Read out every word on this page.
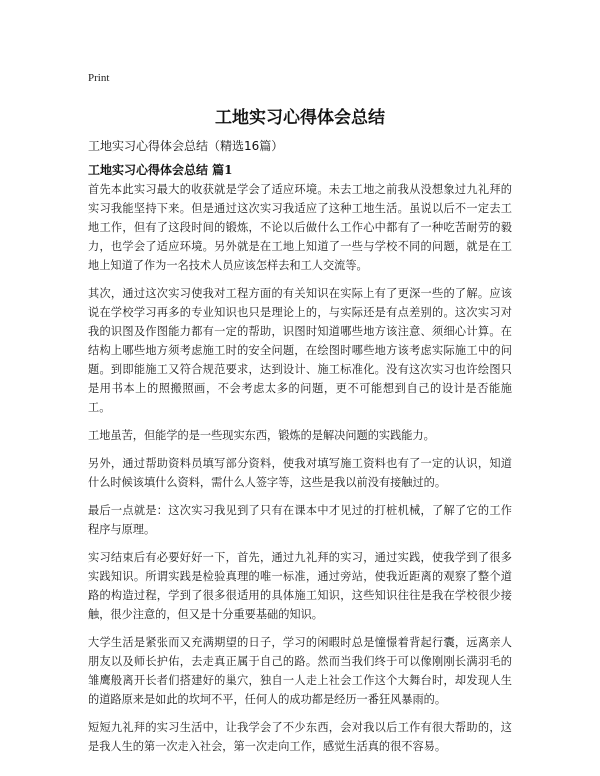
Print
工地实习心得体会总结
工地实习心得体会总结（精选16篇）
工地实习心得体会总结 篇1

首先本此实习最大的收获就是学会了适应环境。未去工地之前我从没想象过九礼拜的实习我能坚持下来。但是通过这次实习我适应了这种工地生活。虽说以后不一定去工地工作，但有了这段时间的锻炼，不论以后做什么工作心中都有了一种吃苦耐劳的毅力，也学会了适应环境。另外就是在工地上知道了一些与学校不同的问题，就是在工地上知道了作为一名技术人员应该怎样去和工人交流等。

其次，通过这次实习使我对工程方面的有关知识在实际上有了更深一些的了解。应该说在学校学习再多的专业知识也只是理论上的，与实际还是有点差别的。这次实习对我的识图及作图能力都有一定的帮助，识图时知道哪些地方该注意、须细心计算。在结构上哪些地方须考虑施工时的安全问题，在绘图时哪些地方该考虑实际施工中的问题。到即能施工又符合规范要求，达到设计、施工标准化。没有这次实习也许绘图只是用书本上的照搬照画，不会考虑太多的问题，更不可能想到自己的设计是否能施工。

工地虽苦，但能学的是一些现实东西，锻炼的是解决问题的实践能力。

另外，通过帮助资料员填写部分资料，使我对填写施工资料也有了一定的认识，知道什么时候该填什么资料，需什么人签字等，这些是我以前没有接触过的。

最后一点就是：这次实习我见到了只有在课本中才见过的打桩机械，了解了它的工作程序与原理。

实习结束后有必要好好一下，首先，通过九礼拜的实习，通过实践，使我学到了很多实践知识。所谓实践是检验真理的唯一标准，通过旁站，使我近距离的观察了整个道路的构造过程，学到了很多很适用的具体施工知识，这些知识往往是我在学校很少接触，很少注意的，但又是十分重要基础的知识。

大学生活是紧张而又充满期望的日子，学习的闲暇时总是憧憬着背起行囊，远离亲人朋友以及师长护佑，去走真正属于自己的路。然而当我们终于可以像刚刚长满羽毛的雏鹰般离开长者们搭建好的巢穴，独自一人走上社会工作这个大舞台时，却发现人生的道路原来是如此的坎坷不平，任何人的成功都是经历一番狂风暴雨的。

短短九礼拜的实习生活中，让我学会了不少东西，会对我以后工作有很大帮助的，这是我人生的第一次走入社会，第一次走向工作，感觉生活真的很不容易。
